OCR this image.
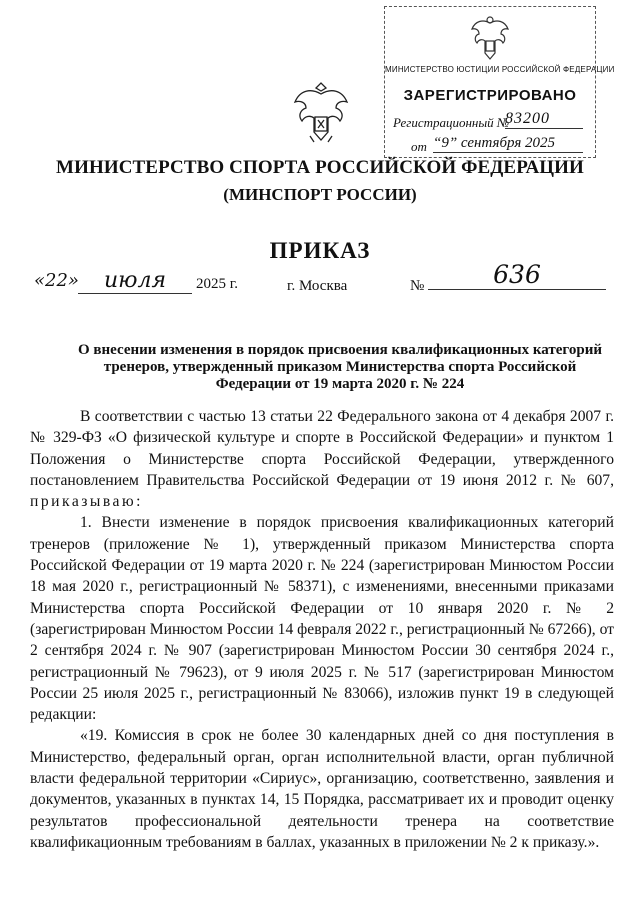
МИНИСТЕРСТВО ЮСТИЦИИ РОССИЙСКОЙ ФЕДЕРАЦИИ
ЗАРЕГИСТРИРОВАНО
Регистрационный №
83200
от “9” сентября 2025
МИНИСТЕРСТВО СПОРТА РОССИЙСКОЙ ФЕДЕРАЦИИ
(МИНСПОРТ РОССИИ)
ПРИКАЗ
«22»	июля	2025 г.	г. Москва	№	636
О внесении изменения в порядок присвоения квалификационных категорий тренеров, утвержденный приказом Министерства спорта Российской Федерации от 19 марта 2020 г. № 224

В соответствии с частью 13 статьи 22 Федерального закона от 4 декабря 2007 г. № 329-ФЗ «О физической культуре и спорте в Российской Федерации» и пунктом 1 Положения о Министерстве спорта Российской Федерации, утвержденного постановлением Правительства Российской Федерации от 19 июня 2012 г. № 607, приказываю:

1. Внести изменение в порядок присвоения квалификационных категорий тренеров (приложение № 1), утвержденный приказом Министерства спорта Российской Федерации от 19 марта 2020 г. № 224 (зарегистрирован Минюстом России 18 мая 2020 г., регистрационный № 58371), с изменениями, внесенными приказами Министерства спорта Российской Федерации от 10 января 2020 г. № 2 (зарегистрирован Минюстом России 14 февраля 2022 г., регистрационный № 67266), от 2 сентября 2024 г. № 907 (зарегистрирован Минюстом России 30 сентября 2024 г., регистрационный № 79623), от 9 июля 2025 г. № 517 (зарегистрирован Минюстом России 25 июля 2025 г., регистрационный № 83066), изложив пункт 19 в следующей редакции:

«19. Комиссия в срок не более 30 календарных дней со дня поступления в Министерство, федеральный орган, орган исполнительной власти, орган публичной власти федеральной территории «Сириус», организацию, соответственно, заявления и документов, указанных в пунктах 14, 15 Порядка, рассматривает их и проводит оценку результатов профессиональной деятельности тренера на соответствие квалификационным требованиям в баллах, указанных в приложении № 2 к приказу.».
